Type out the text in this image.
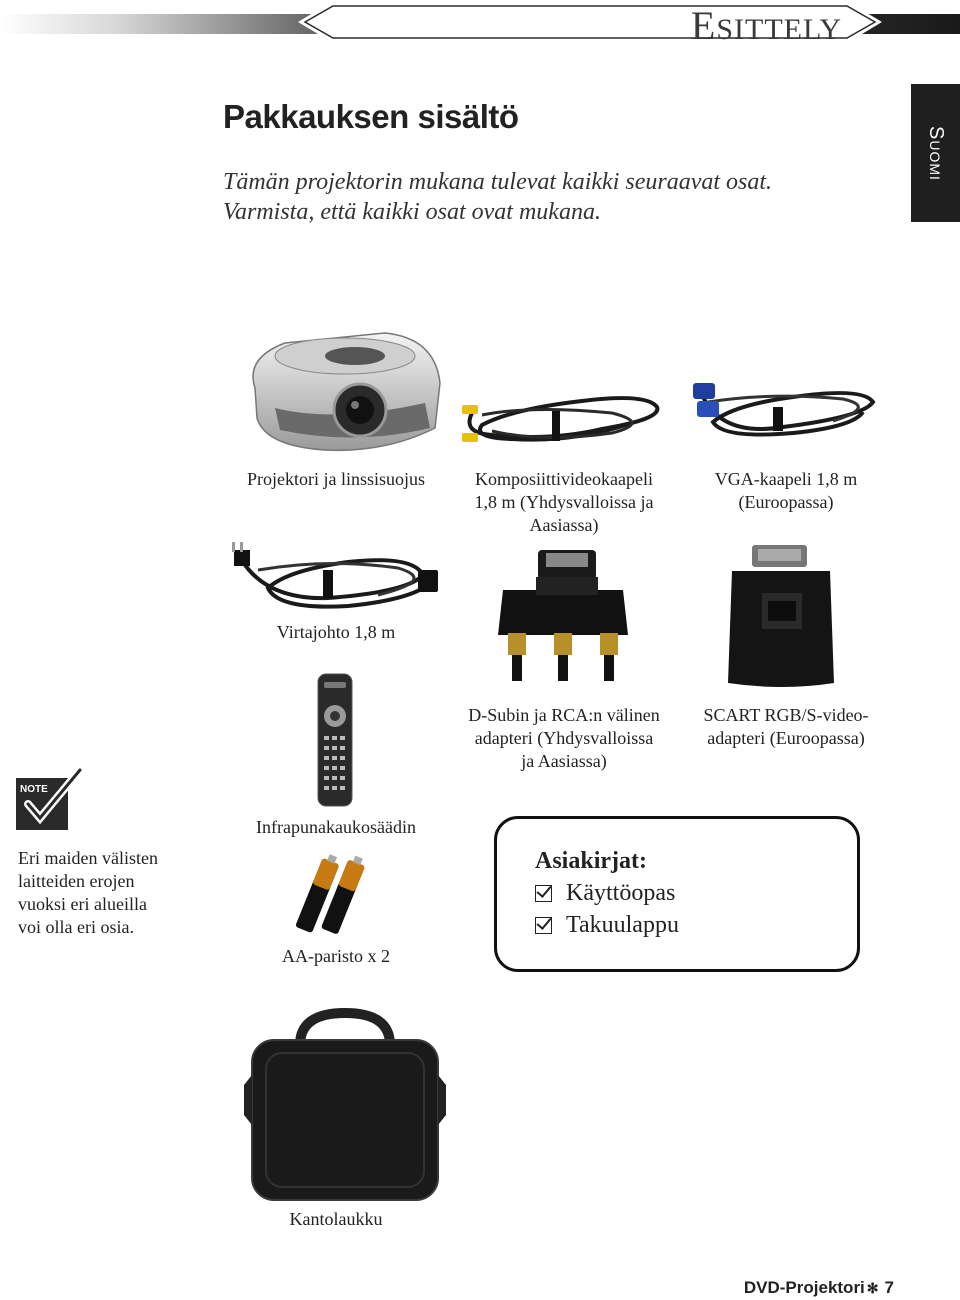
ESITTELY
SUOMI
Pakkauksen sisältö
Tämän projektorin mukana tulevat kaikki seuraavat osat.
Varmista, että kaikki osat ovat mukana.
Projektori ja linssisuojus	Komposiittivideokaapeli
1,8 m (Yhdysvalloissa ja
Aasiassa)
VGA-kaapeli 1,8 m
(Euroopassa)
Virtajohto 1,8 m
D-Subin ja RCA:n välinen
adapteri (Yhdysvalloissa
ja Aasiassa)
SCART RGB/S-video-
adapteri (Euroopassa)
Infrapunakaukosäädin
AA-paristo x 2
Kantolaukku
NOTE
Eri maiden välisten
laitteiden erojen
vuoksi eri alueilla
voi olla eri osia.
Asiakirjat:
Käyttöopas
Takuulappu
DVD-Projektori ✻ 7
